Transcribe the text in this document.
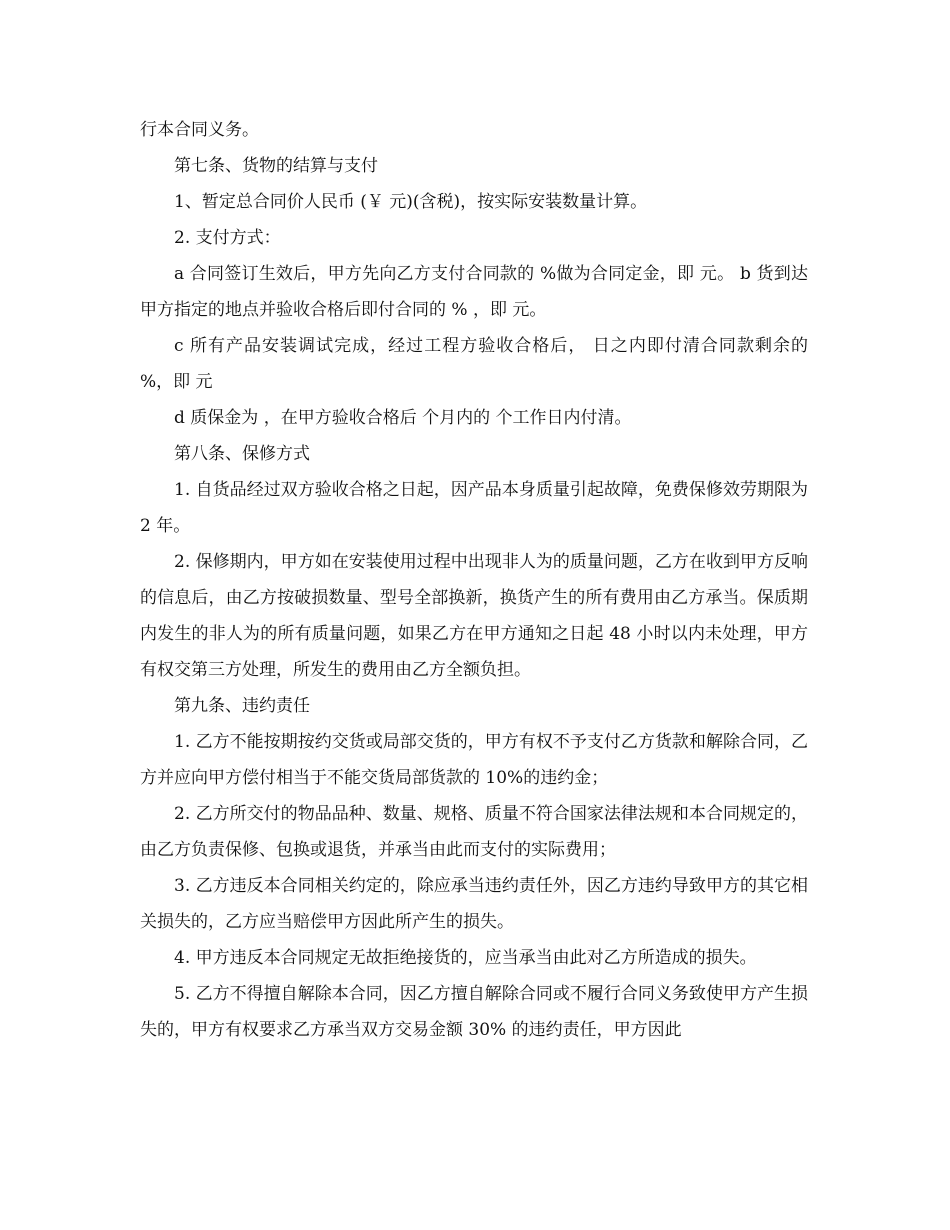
行本合同义务。

第七条、货物的结算与支付

1、暂定总合同价人民币 (￥ 元)(含税)，按实际安装数量计算。

2. 支付方式：

a 合同签订生效后，甲方先向乙方支付合同款的 %做为合同定金，即 元。 b 货到达甲方指定的地点并验收合格后即付合同的 % ，即 元。

c 所有产品安装调试完成，经过工程方验收合格后， 日之内即付清合同款剩余的 %，即 元

d 质保金为 ，在甲方验收合格后 个月内的 个工作日内付清。

第八条、保修方式

1. 自货品经过双方验收合格之日起，因产品本身质量引起故障，免费保修效劳期限为 2 年。

2. 保修期内，甲方如在安装使用过程中出现非人为的质量问题，乙方在收到甲方反响的信息后，由乙方按破损数量、型号全部换新，换货产生的所有费用由乙方承当。保质期内发生的非人为的所有质量问题，如果乙方在甲方通知之日起 48 小时以内未处理，甲方有权交第三方处理，所发生的费用由乙方全额负担。

第九条、违约责任

1. 乙方不能按期按约交货或局部交货的，甲方有权不予支付乙方货款和解除合同，乙方并应向甲方偿付相当于不能交货局部货款的 10%的违约金；

2. 乙方所交付的物品品种、数量、规格、质量不符合国家法律法规和本合同规定的，由乙方负责保修、包换或退货，并承当由此而支付的实际费用；

3. 乙方违反本合同相关约定的，除应承当违约责任外，因乙方违约导致甲方的其它相关损失的，乙方应当赔偿甲方因此所产生的损失。

4. 甲方违反本合同规定无故拒绝接货的，应当承当由此对乙方所造成的损失。

5. 乙方不得擅自解除本合同，因乙方擅自解除合同或不履行合同义务致使甲方产生损失的，甲方有权要求乙方承当双方交易金额 30% 的违约责任，甲方因此
